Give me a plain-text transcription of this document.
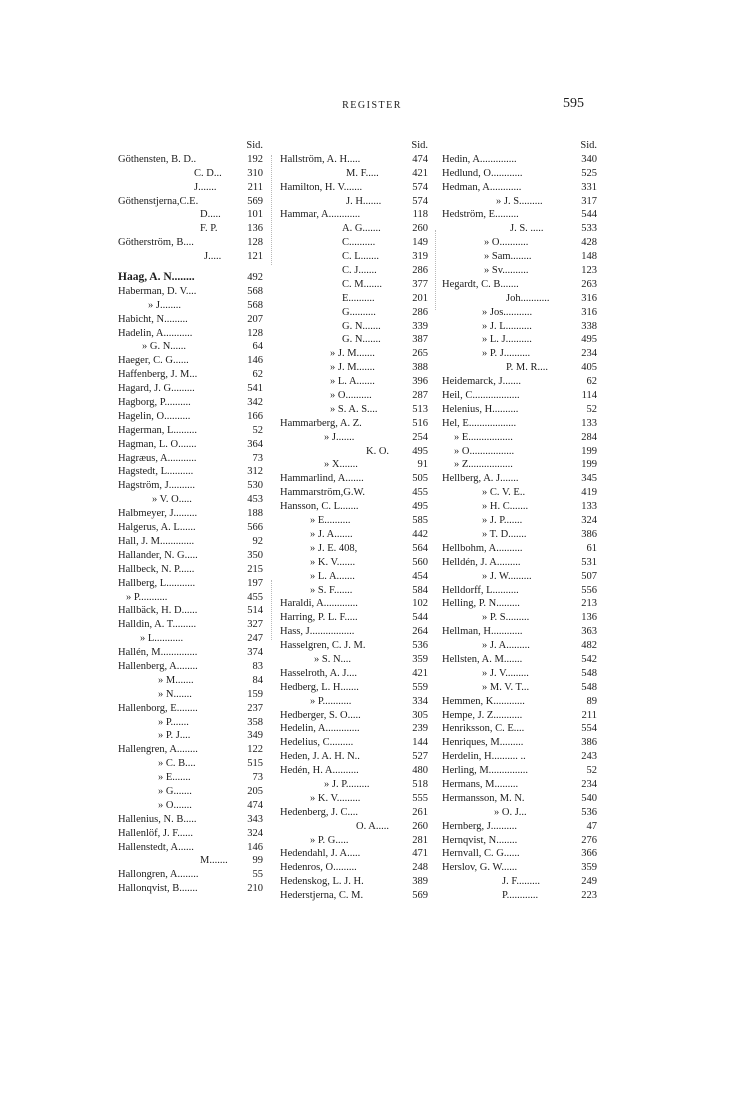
REGISTER	595
Sid.
Göthensten, B. D..	192
C. D...	310
J.......	211
Göthenstjerna,C.E.	569
D.....	101
F. P.	136
Götherström, B....	128
J.....	121
Haag, A. N........	492
Haberman, D. V....	568
» J........	568
Habicht, N.........	207
Hadelin, A...........	128
» G. N......	64
Haeger, C. G......	146
Haffenberg, J. M...	62
Hagard, J. G.........	541
Hagborg, P..........	342
Hagelin, O..........	166
Hagerman, L.........	52
Hagman, L. O.......	364
Hagræus, A...........	73
Hagstedt, L..........	312
Hagström, J..........	530
» V. O.....	453
Halbmeyer, J.........	188
Halgerus, A. L......	566
Hall, J. M.............	92
Hallander, N. G.....	350
Hallbeck, N. P......	215
Hallberg, L...........	197
» P...........	455
Hallbäck, H. D......	514
Halldin, A. T.........	327
» L...........	247
Hallén, M..............	374
Hallenberg, A........	83
» M.......	84
» N.......	159
Hallenborg, E........	237
» P.......	358
» P. J....	349
Hallengren, A........	122
» C. B....	515
» E.......	73
» G.......	205
» O.......	474
Hallenius, N. B.....	343
Hallenlöf, J. F......	324
Hallenstedt, A......	146
M.......	99
Hallongren, A........	55
Hallonqvist, B.......	210
Sid.
Hallström, A. H.....	474
M. F.....	421
Hamilton, H. V.......	574
J. H.......	574
Hammar, A............	118
A. G.......	260
C..........	149
C. L.......	319
C. J.......	286
C. M.......	377
E..........	201
G..........	286
G. N.......	339
G. N.......	387
» J. M.......	265
» J. M.......	388
» L. A.......	396
» O..........	287
» S. A. S....	513
Hammarberg, A. Z.	516
» J.......	254
K. O.	495
» X.......	91
Hammarlind, A.......	505
Hammarström,G.W.	455
Hansson, C. L.......	495
» E..........	585
» J. A.......	442
» J. E. 408,	564
» K. V.......	560
» L. A.......	454
» S. F.......	584
Haraldi, A.............	102
Harring, P. L. F.....	544
Hass, J.................	264
Hasselgren, C. J. M.	536
» S. N....	359
Hasselroth, A. J....	421
Hedberg, L. H.......	559
» P...........	334
Hedberger, S. O.....	305
Hedelin, A.............	239
Hedelius, C.........	144
Heden, J. A. H. N..	527
Hedén, H. A..........	480
» J. P.........	518
» K. V.........	555
Hedenberg, J. C....	261
O. A.....	260
» P. G.....	281
Hedendahl, J. A.....	471
Hedenros, O.........	248
Hedenskog, L. J. H.	389
Hederstjerna, C. M.	569
Sid.
Hedin, A..............	340
Hedlund, O............	525
Hedman, A............	331
» J. S.........	317
Hedström, E.........	544
J. S. .....	533
» O...........	428
» Sam........	148
» Sv..........	123
Hegardt, C. B.......	263
Joh...........	316
» Jos...........	316
» J. L..........	338
» L. J..........	495
» P. J..........	234
P. M. R....	405
Heidemarck, J.......	62
Heil, C..................	114
Helenius, H..........	52
Hel, E..................	133
» E.................	284
» O.................	199
» Z.................	199
Hellberg, A. J.......	345
» C. V. E..	419
» H. C.......	133
» J. P.......	324
» T. D.......	386
Hellbohm, A..........	61
Helldén, J. A.........	531
» J. W.........	507
Helldorff, L..........	556
Helling, P. N.........	213
» P. S.........	136
Hellman, H............	363
» J. A.........	482
Hellsten, A. M.......	542
» J. V.........	548
» M. V. T...	548
Hemmen, K............	89
Hempe, J. Z...........	211
Henriksson, C. E....	554
Henriques, M.........	386
Herdelin, H.......... ..	243
Herling, M...............	52
Hermans, M.........	234
Hermansson, M. N.	540
» O. J...	536
Hernberg, J..........	47
Hernqvist, N........	276
Hernvall, C. G......	366
Herslov, G. W......	359
J. F.........	249
P............	223
